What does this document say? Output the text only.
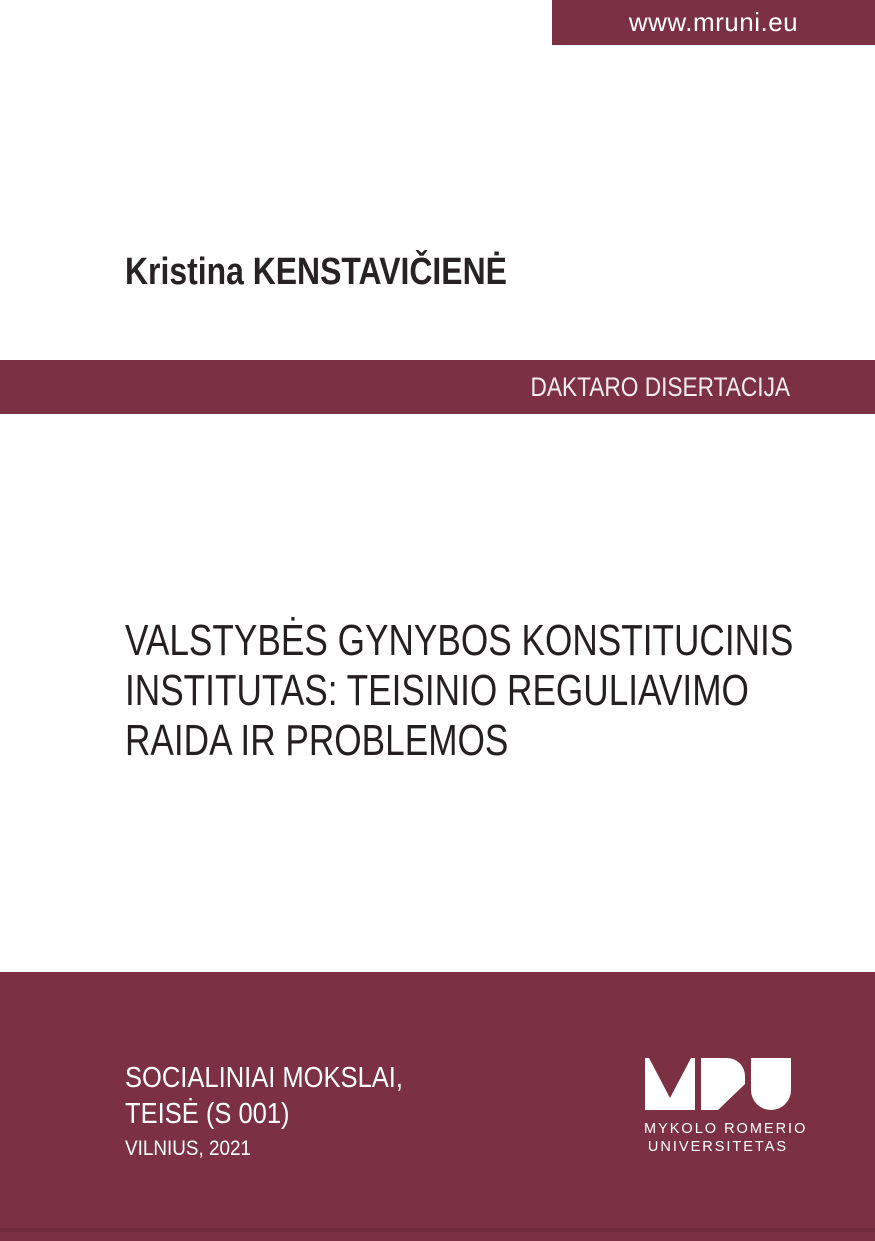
www.mruni.eu
Kristina KENSTAVIČIENĖ
DAKTARO DISERTACIJA
VALSTYBĖS GYNYBOS KONSTITUCINIS
INSTITUTAS: TEISINIO REGULIAVIMO
RAIDA IR PROBLEMOS
SOCIALINIAI MOKSLAI,
TEISĖ (S 001)
VILNIUS, 2021
MYKOLO ROMERIO
UNIVERSITETAS
